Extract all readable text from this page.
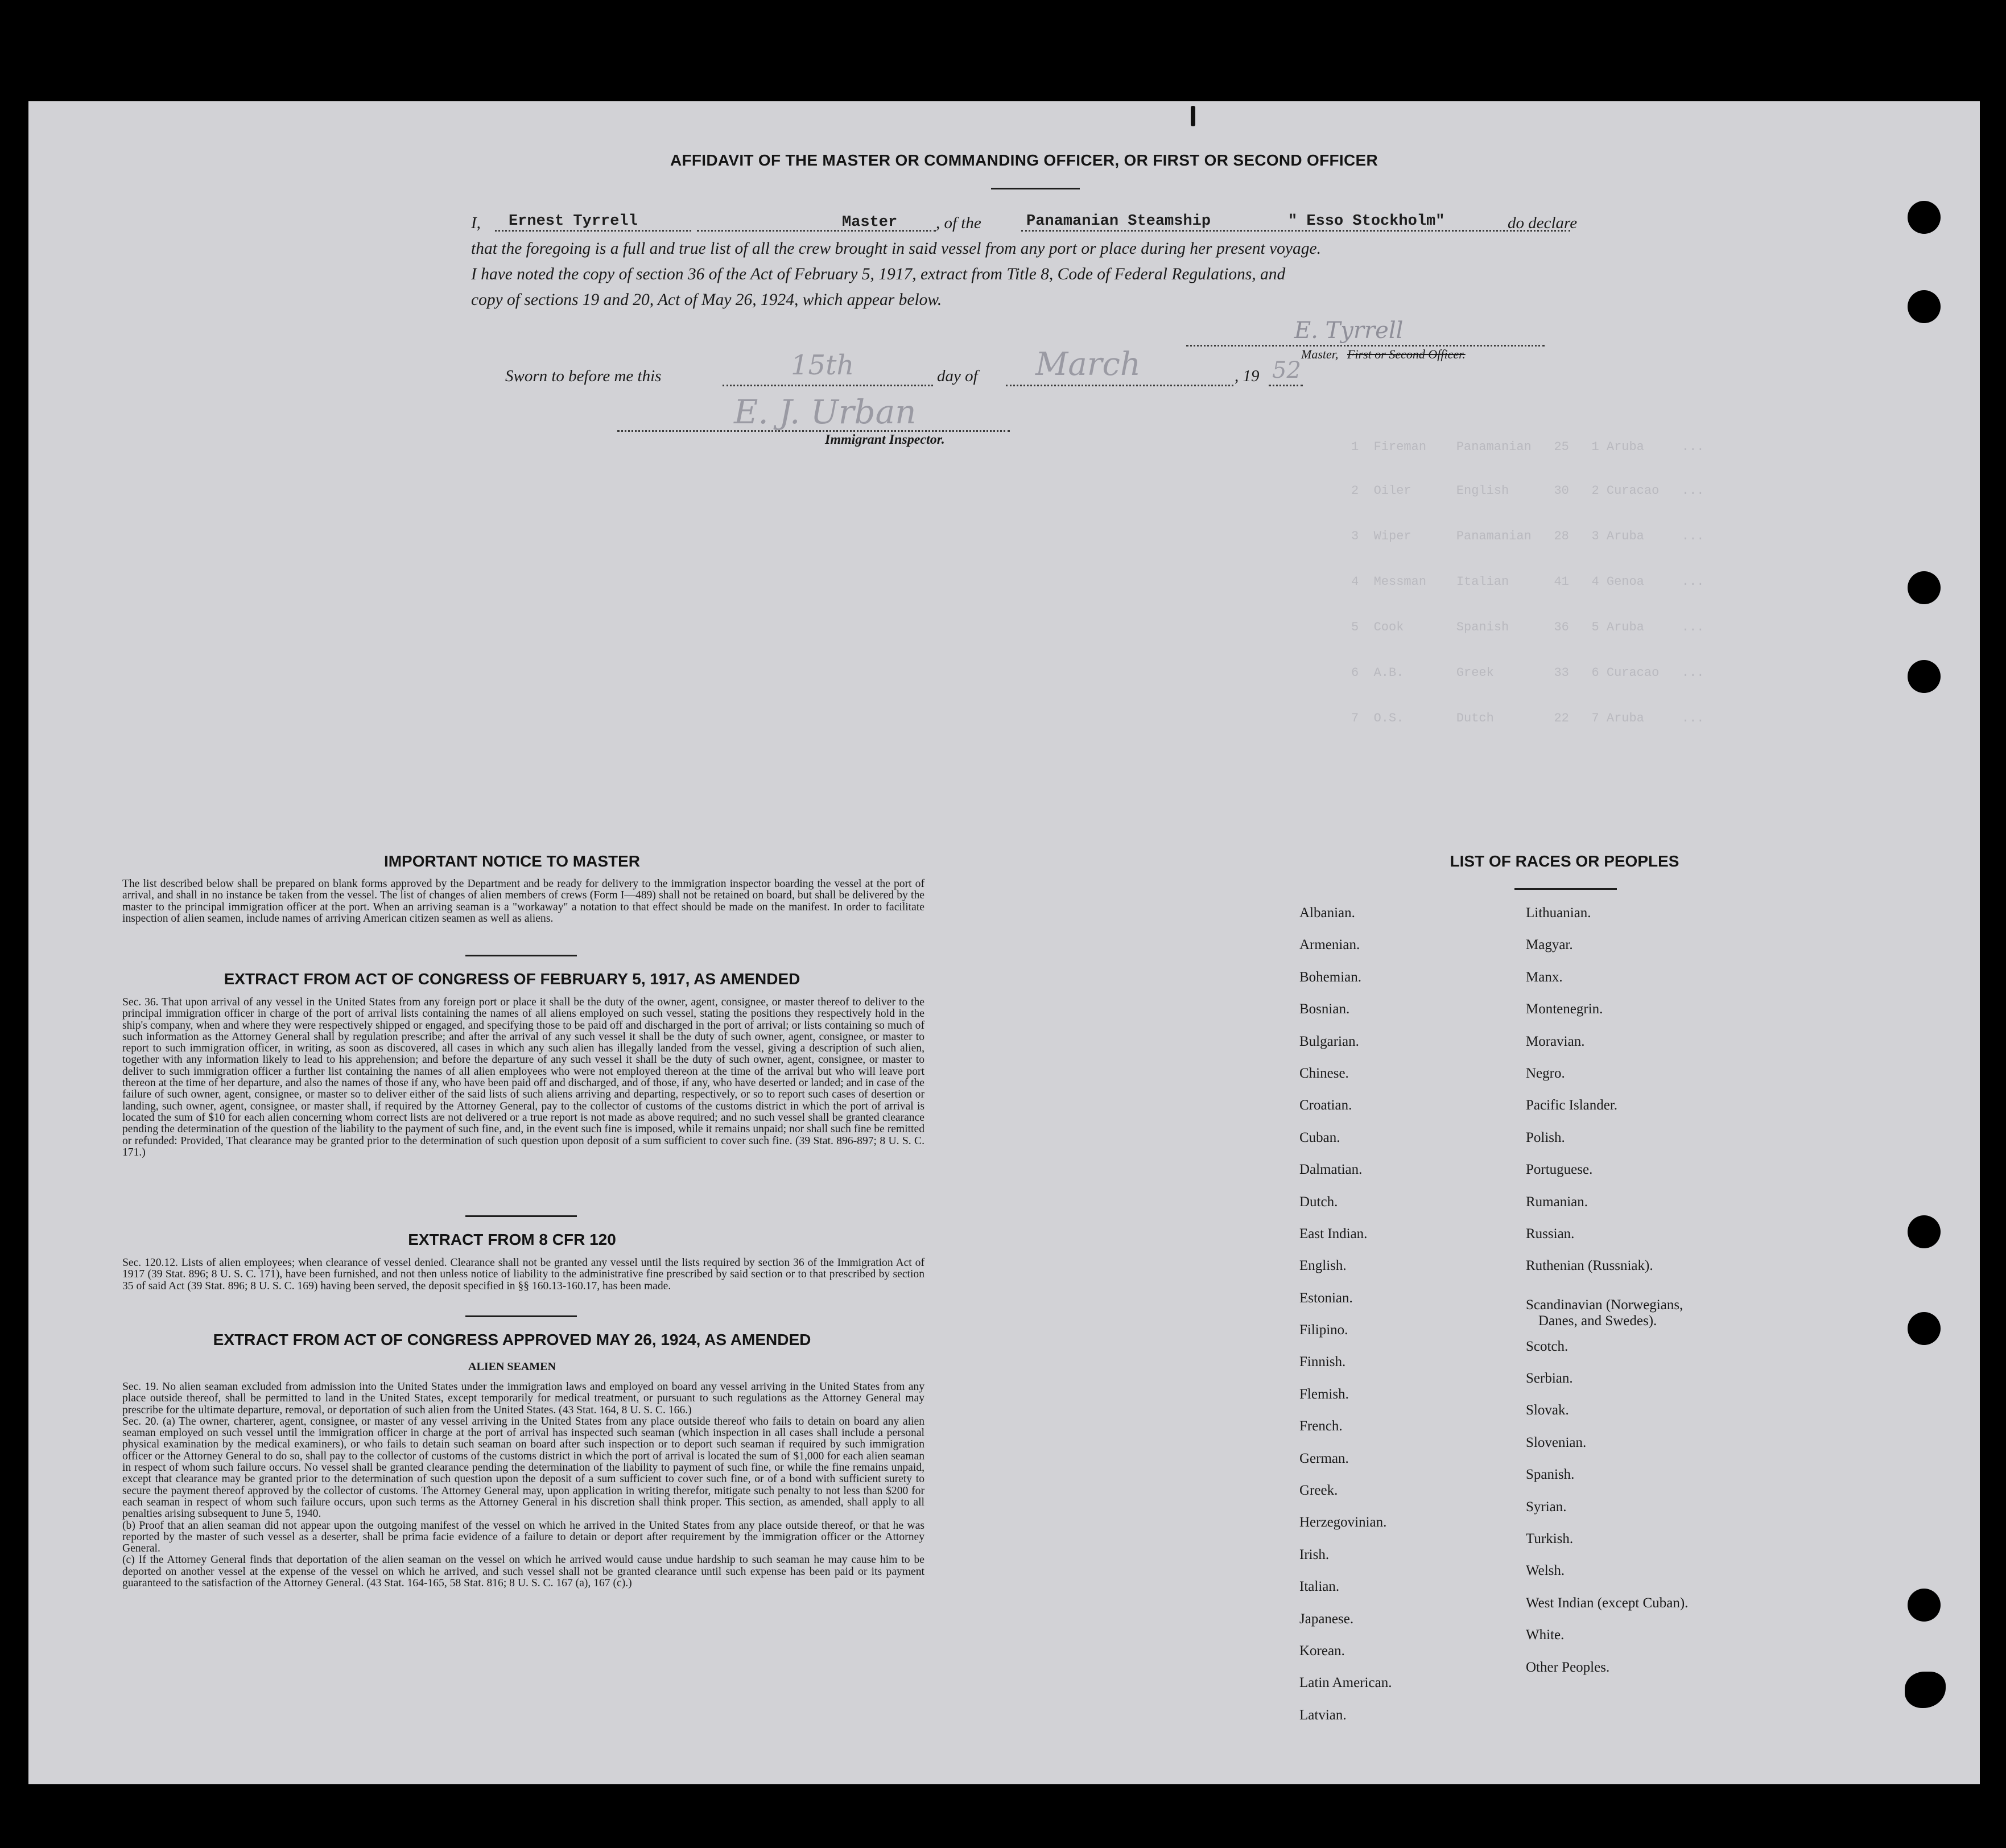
1  Fireman    Panamanian   25   1 Aruba     ...
2  Oiler      English      30   2 Curacao   ...
3  Wiper      Panamanian   28   3 Aruba     ...
4  Messman    Italian      41   4 Genoa     ...
5  Cook       Spanish      36   5 Aruba     ...
6  A.B.       Greek        33   6 Curacao   ...
7  O.S.       Dutch        22   7 Aruba     ...
AFFIDAVIT OF THE MASTER OR COMMANDING OFFICER, OR FIRST OR SECOND OFFICER
I, Ernest Tyrrell	Master , of the	Panamanian Steamship	" Esso Stockholm"	do declare
that the foregoing is a full and true list of all the crew brought in said vessel from any port or place during her present voyage.
I have noted the copy of section 36 of the Act of February 5, 1917, extract from Title 8, Code of Federal Regulations, and
copy of sections 19 and 20, Act of May 26, 1924, which appear below.
E. Tyrrell
Master, First or Second Officer.
Sworn to before me this	15th	day of March	, 19 52
E. J. Urban
Immigrant Inspector.
IMPORTANT NOTICE TO MASTER
The list described below shall be prepared on blank forms approved by the Department and be ready for delivery to the immigration inspector boarding the vessel at the port of arrival, and shall in no instance be taken from the vessel. The list of changes of alien members of crews (Form I—489) shall not be retained on board, but shall be delivered by the master to the principal immigration officer at the port. When an arriving seaman is a "workaway" a notation to that effect should be made on the manifest. In order to facilitate inspection of alien seamen, include names of arriving American citizen seamen as well as aliens.
EXTRACT FROM ACT OF CONGRESS OF FEBRUARY 5, 1917, AS AMENDED
Sec. 36. That upon arrival of any vessel in the United States from any foreign port or place it shall be the duty of the owner, agent, consignee, or master thereof to deliver to the principal immigration officer in charge of the port of arrival lists containing the names of all aliens employed on such vessel, stating the positions they respectively hold in the ship's company, when and where they were respectively shipped or engaged, and specifying those to be paid off and discharged in the port of arrival; or lists containing so much of such information as the Attorney General shall by regulation prescribe; and after the arrival of any such vessel it shall be the duty of such owner, agent, consignee, or master to report to such immigration officer, in writing, as soon as discovered, all cases in which any such alien has illegally landed from the vessel, giving a description of such alien, together with any information likely to lead to his apprehension; and before the departure of any such vessel it shall be the duty of such owner, agent, consignee, or master to deliver to such immigration officer a further list containing the names of all alien employees who were not employed thereon at the time of the arrival but who will leave port thereon at the time of her departure, and also the names of those if any, who have been paid off and discharged, and of those, if any, who have deserted or landed; and in case of the failure of such owner, agent, consignee, or master so to deliver either of the said lists of such aliens arriving and departing, respectively, or so to report such cases of desertion or landing, such owner, agent, consignee, or master shall, if required by the Attorney General, pay to the collector of customs of the customs district in which the port of arrival is located the sum of $10 for each alien concerning whom correct lists are not delivered or a true report is not made as above required; and no such vessel shall be granted clearance pending the determination of the question of the liability to the payment of such fine, and, in the event such fine is imposed, while it remains unpaid; nor shall such fine be remitted or refunded: Provided, That clearance may be granted prior to the determination of such question upon deposit of a sum sufficient to cover such fine. (39 Stat. 896-897; 8 U. S. C. 171.)
EXTRACT FROM 8 CFR 120
Sec. 120.12. Lists of alien employees; when clearance of vessel denied. Clearance shall not be granted any vessel until the lists required by section 36 of the Immigration Act of 1917 (39 Stat. 896; 8 U. S. C. 171), have been furnished, and not then unless notice of liability to the administrative fine prescribed by said section or to that prescribed by section 35 of said Act (39 Stat. 896; 8 U. S. C. 169) having been served, the deposit specified in §§ 160.13-160.17, has been made.
EXTRACT FROM ACT OF CONGRESS APPROVED MAY 26, 1924, AS AMENDED
ALIEN SEAMEN
Sec. 19. No alien seaman excluded from admission into the United States under the immigration laws and employed on board any vessel arriving in the United States from any place outside thereof, shall be permitted to land in the United States, except temporarily for medical treatment, or pursuant to such regulations as the Attorney General may prescribe for the ultimate departure, removal, or deportation of such alien from the United States. (43 Stat. 164, 8 U. S. C. 166.)
Sec. 20. (a) The owner, charterer, agent, consignee, or master of any vessel arriving in the United States from any place outside thereof who fails to detain on board any alien seaman employed on such vessel until the immigration officer in charge at the port of arrival has inspected such seaman (which inspection in all cases shall include a personal physical examination by the medical examiners), or who fails to detain such seaman on board after such inspection or to deport such seaman if required by such immigration officer or the Attorney General to do so, shall pay to the collector of customs of the customs district in which the port of arrival is located the sum of $1,000 for each alien seaman in respect of whom such failure occurs. No vessel shall be granted clearance pending the determination of the liability to payment of such fine, or while the fine remains unpaid, except that clearance may be granted prior to the determination of such question upon the deposit of a sum sufficient to cover such fine, or of a bond with sufficient surety to secure the payment thereof approved by the collector of customs. The Attorney General may, upon application in writing therefor, mitigate such penalty to not less than $200 for each seaman in respect of whom such failure occurs, upon such terms as the Attorney General in his discretion shall think proper. This section, as amended, shall apply to all penalties arising subsequent to June 5, 1940.
(b) Proof that an alien seaman did not appear upon the outgoing manifest of the vessel on which he arrived in the United States from any place outside thereof, or that he was reported by the master of such vessel as a deserter, shall be prima facie evidence of a failure to detain or deport after requirement by the immigration officer or the Attorney General.
(c) If the Attorney General finds that deportation of the alien seaman on the vessel on which he arrived would cause undue hardship to such seaman he may cause him to be deported on another vessel at the expense of the vessel on which he arrived, and such vessel shall not be granted clearance until such expense has been paid or its payment guaranteed to the satisfaction of the Attorney General. (43 Stat. 164-165, 58 Stat. 816; 8 U. S. C. 167 (a), 167 (c).)
LIST OF RACES OR PEOPLES
Albanian.
Armenian.
Bohemian.
Bosnian.
Bulgarian.
Chinese.
Croatian.
Cuban.
Dalmatian.
Dutch.
East Indian.
English.
Estonian.
Filipino.
Finnish.
Flemish.
French.
German.
Greek.
Herzegovinian.
Irish.
Italian.
Japanese.
Korean.
Latin American.
Latvian.
Lithuanian.
Magyar.
Manx.
Montenegrin.
Moravian.
Negro.
Pacific Islander.
Polish.
Portuguese.
Rumanian.
Russian.
Ruthenian (Russniak).
Scandinavian (Norwegians,
Danes, and Swedes).
Scotch.
Serbian.
Slovak.
Slovenian.
Spanish.
Syrian.
Turkish.
Welsh.
West Indian (except Cuban).
White.
Other Peoples.
